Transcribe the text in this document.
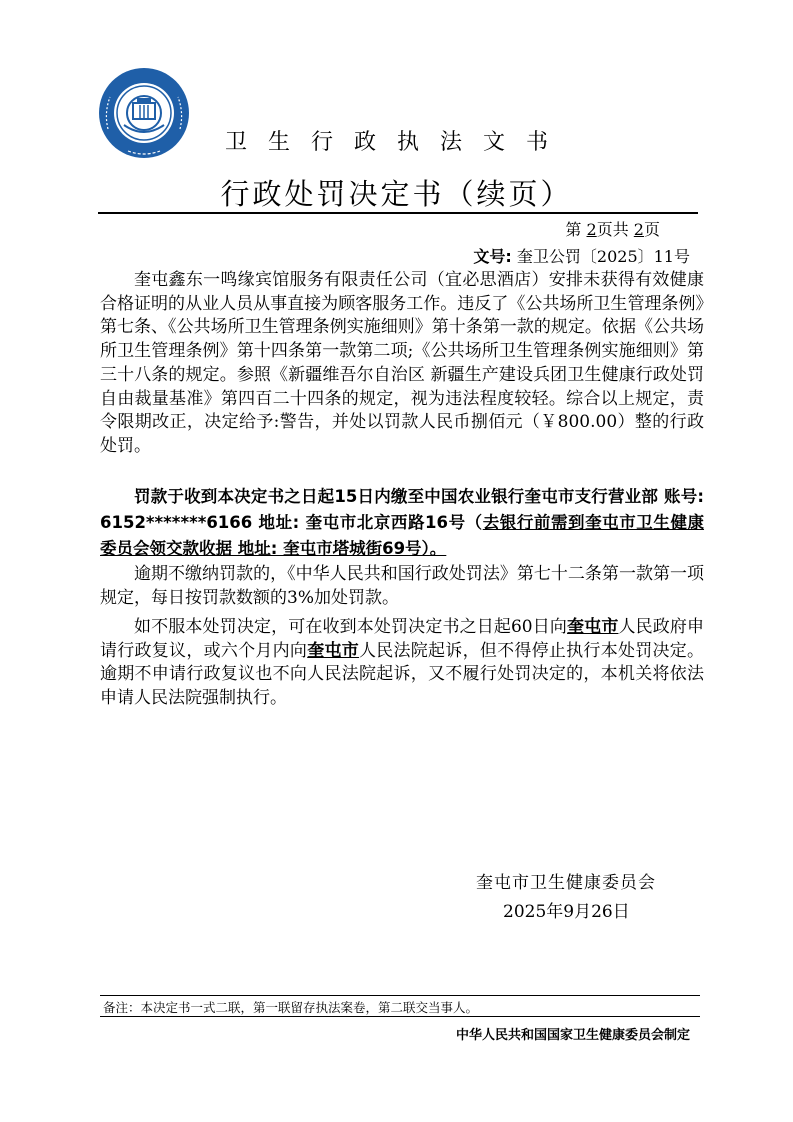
卫生行政执法文书
行政处罚决定书（续页）
第 2页共 2页
文号: 奎卫公罚〔2025〕11号
奎屯鑫东一鸣缘宾馆服务有限责任公司（宜必思酒店）安排未获得有效健康合格证明的从业人员从事直接为顾客服务工作。违反了《公共场所卫生管理条例》第七条、《公共场所卫生管理条例实施细则》第十条第一款的规定。依据《公共场所卫生管理条例》第十四条第一款第二项;《公共场所卫生管理条例实施细则》第三十八条的规定。参照《新疆维吾尔自治区 新疆生产建设兵团卫生健康行政处罚自由裁量基准》第四百二十四条的规定，视为违法程度较轻。综合以上规定，责令限期改正，决定给予:警告，并处以罚款人民币捌佰元（￥800.00）整的行政处罚。
罚款于收到本决定书之日起15日内缴至中国农业银行奎屯市支行营业部 账号: 6152*******6166 地址: 奎屯市北京西路16号（去银行前需到奎屯市卫生健康委员会领交款收据 地址: 奎屯市塔城街69号）。
逾期不缴纳罚款的，《中华人民共和国行政处罚法》第七十二条第一款第一项规定，每日按罚款数额的3%加处罚款。
如不服本处罚决定，可在收到本处罚决定书之日起60日向奎屯市人民政府申请行政复议，或六个月内向奎屯市人民法院起诉，但不得停止执行本处罚决定。逾期不申请行政复议也不向人民法院起诉，又不履行处罚决定的，本机关将依法申请人民法院强制执行。
奎屯市卫生健康委员会
2025年9月26日
备注：本决定书一式二联，第一联留存执法案卷，第二联交当事人。
中华人民共和国国家卫生健康委员会制定
